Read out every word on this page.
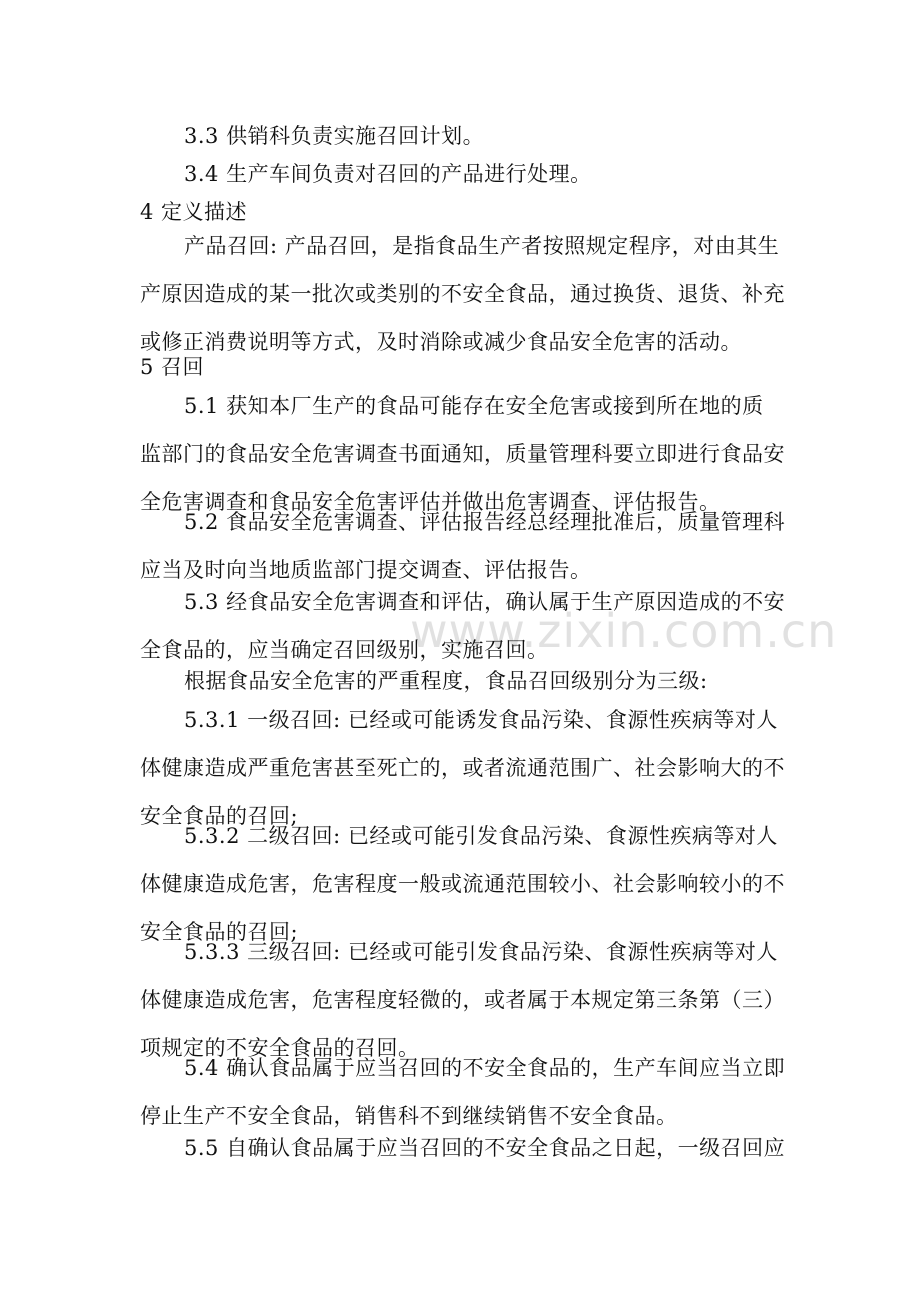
www.zixin.com.cn

3.3 供销科负责实施召回计划。

3.4 生产车间负责对召回的产品进行处理。

4 定义描述

产品召回: 产品召回，是指食品生产者按照规定程序，对由其生
产原因造成的某一批次或类别的不安全食品，通过换货、退货、补充
或修正消费说明等方式，及时消除或减少食品安全危害的活动。

5 召回

5.1 获知本厂生产的食品可能存在安全危害或接到所在地的质
监部门的食品安全危害调查书面通知，质量管理科要立即进行食品安
全危害调查和食品安全危害评估并做出危害调查、评估报告。

5.2 食品安全危害调查、评估报告经总经理批准后，质量管理科
应当及时向当地质监部门提交调查、评估报告。

5.3 经食品安全危害调查和评估，确认属于生产原因造成的不安
全食品的，应当确定召回级别，实施召回。

根据食品安全危害的严重程度，食品召回级别分为三级:

5.3.1 一级召回: 已经或可能诱发食品污染、食源性疾病等对人
体健康造成严重危害甚至死亡的，或者流通范围广、社会影响大的不
安全食品的召回;

5.3.2 二级召回: 已经或可能引发食品污染、食源性疾病等对人
体健康造成危害，危害程度一般或流通范围较小、社会影响较小的不
安全食品的召回;

5.3.3 三级召回: 已经或可能引发食品污染、食源性疾病等对人
体健康造成危害，危害程度轻微的，或者属于本规定第三条第（三）
项规定的不安全食品的召回。

5.4 确认食品属于应当召回的不安全食品的，生产车间应当立即
停止生产不安全食品，销售科不到继续销售不安全食品。

5.5 自确认食品属于应当召回的不安全食品之日起，一级召回应
